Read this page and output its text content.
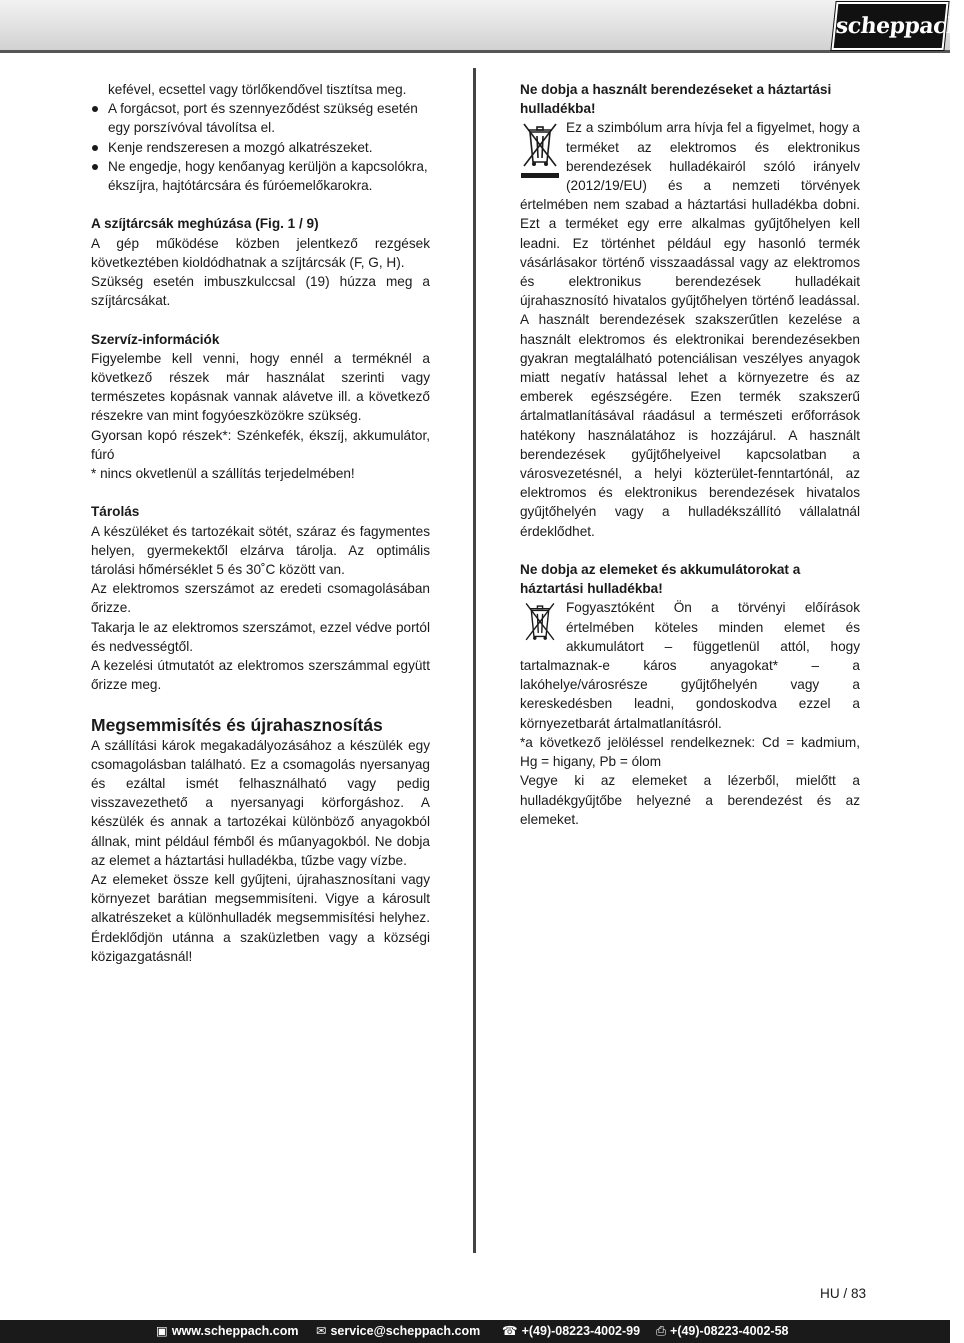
scheppach

kefével, ecsettel vagy törlőkendővel tisztítsa meg.

A forgácsot, port és szennyeződést szükség esetén egy porszívóval távolítsa el.
Kenje rendszeresen a mozgó alkatrészeket.
Ne engedje, hogy kenőanyag kerüljön a kapcsolókra, ékszíjra, hajtótárcsára és fúróemelőkarokra.
A szíjtárcsák meghúzása (Fig. 1 / 9)

A gép működése közben jelentkező rezgések következtében kioldódhatnak a szíjtárcsák (F, G, H).

Szükség esetén imbuszkulccsal (19) húzza meg a szíjtárcsákat.

Szervíz-információk

Figyelembe kell venni, hogy ennél a terméknél a következő részek már használat szerinti vagy természetes kopásnak vannak alávetve ill. a következő részekre van mint fogyóeszközökre szükség.

Gyorsan kopó részek*: Szénkefék, ékszíj, akkumulátor, fúró

* nincs okvetlenül a szállítás terjedelmében!

Tárolás

A készüléket és tartozékait sötét, száraz és fagymentes helyen, gyermekektől elzárva tárolja. Az optimális tárolási hőmérséklet 5 és 30˚C között van.

Az elektromos szerszámot az eredeti csomagolásában őrizze.

Takarja le az elektromos szerszámot, ezzel védve portól és nedvességtől.

A kezelési útmutatót az elektromos szerszámmal együtt őrizze meg.

Megsemmisítés és újrahasznosítás

A szállítási károk megakadályozásához a készülék egy csomagolásban található. Ez a csomagolás nyersanyag és ezáltal ismét felhasználható vagy pedig visszavezethető a nyersanyagi körforgáshoz. A készülék és annak a tartozékai különböző anyagokból állnak, mint például fémből és műanyagokból. Ne dobja az elemet a háztartási hulladékba, tűzbe vagy vízbe.

Az elemeket össze kell gyűjteni, újrahasznosítani vagy környezet barátian megsemmisíteni. Vigye a károsult alkatrészeket a különhulladék megsemmisítési helyhez. Érdeklődjön utánna a szaküzletben vagy a községi közigazgatásnál!

Ne dobja a használt berendezéseket a háztartási hulladékba!

Ez a szimbólum arra hívja fel a figyelmet, hogy a terméket az elektromos és elektronikus berendezések hulladékairól szóló irányelv (2012/19/EU) és a nemzeti törvények értelmében nem szabad a háztartási hulladékba dobni. Ezt a terméket egy erre alkalmas gyűjtőhelyen kell leadni. Ez történhet például egy hasonló termék vásárlásakor történő visszaadással vagy az elektromos és elektronikus berendezések hulladékait újrahasznosító hivatalos gyűjtőhelyen történő leadással. A használt berendezések szakszerűtlen kezelése a használt elektromos és elektronikai berendezésekben gyakran megtalálható potenciálisan veszélyes anyagok miatt negatív hatással lehet a környezetre és az emberek egészségére. Ezen termék szakszerű ártalmatlanításával ráadásul a természeti erőforrások hatékony használatához is hozzájárul. A használt berendezések gyűjtőhelyeivel kapcsolatban a városvezetésnél, a helyi közterület-fenntartónál, az elektromos és elektronikus berendezések hivatalos gyűjtőhelyén vagy a hulladékszállító vállalatnál érdeklődhet.

Ne dobja az elemeket és akkumulátorokat a háztartási hulladékba!

Fogyasztóként Ön a törvényi előírások értelmében köteles minden elemet és akkumulátort – függetlenül attól, hogy tartalmaznak-e káros anyagokat* – a lakóhelye/városrésze gyűjtőhelyén vagy a kereskedésben leadni, gondoskodva ezzel a környezetbarát ártalmatlanításról.

*a következő jelöléssel rendelkeznek: Cd = kadmium, Hg = higany, Pb = ólom

Vegye ki az elemeket a lézerből, mielőtt a hulladékgyűjtőbe helyezné a berendezést és az elemeket.

HU / 83
▣ www.scheppach.com ✉ service@scheppach.com ☎ +(49)-08223-4002-99 ⎙ +(49)-08223-4002-58
